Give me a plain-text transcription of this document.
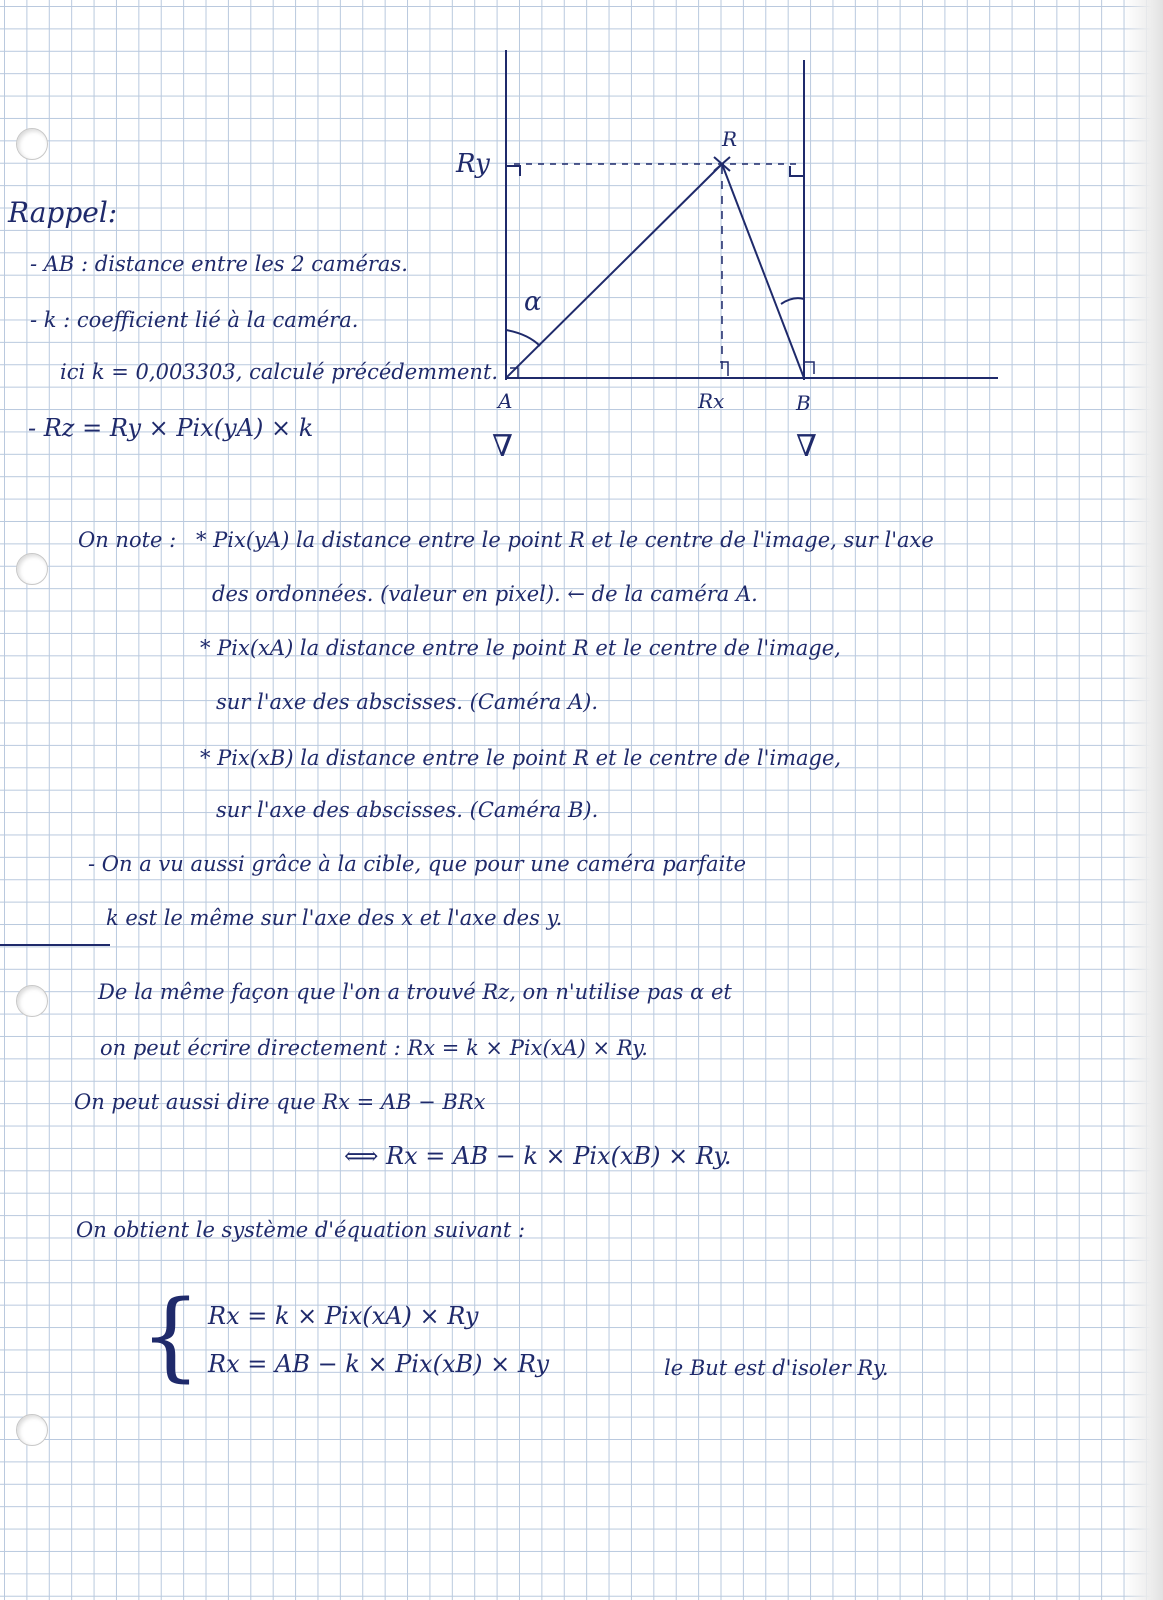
Ry
R
α
A	Rx	B
∇	∇
Rappel:
- AB : distance entre les 2 caméras.
- k : coefficient lié à la caméra.
ici k = 0,003303, calculé précédemment.
- Rz = Ry × Pix(yA) × k
On note : * Pix(yA) la distance entre le point R et le centre de l'image, sur l'axe
des ordonnées. (valeur en pixel). ← de la caméra A.
* Pix(xA) la distance entre le point R et le centre de l'image,
sur l'axe des abscisses. (Caméra A).
* Pix(xB) la distance entre le point R et le centre de l'image,
sur l'axe des abscisses. (Caméra B).
- On a vu aussi grâce à la cible, que pour une caméra parfaite
k est le même sur l'axe des x et l'axe des y.
De la même façon que l'on a trouvé Rz, on n'utilise pas α et
on peut écrire directement : Rx = k × Pix(xA) × Ry.
On peut aussi dire que Rx = AB − BRx
⟺ Rx = AB − k × Pix(xB) × Ry.
On obtient le système d'équation suivant :
{ Rx = k × Pix(xA) × Ry
Rx = AB − k × Pix(xB) × Ry	le But est d'isoler Ry.
